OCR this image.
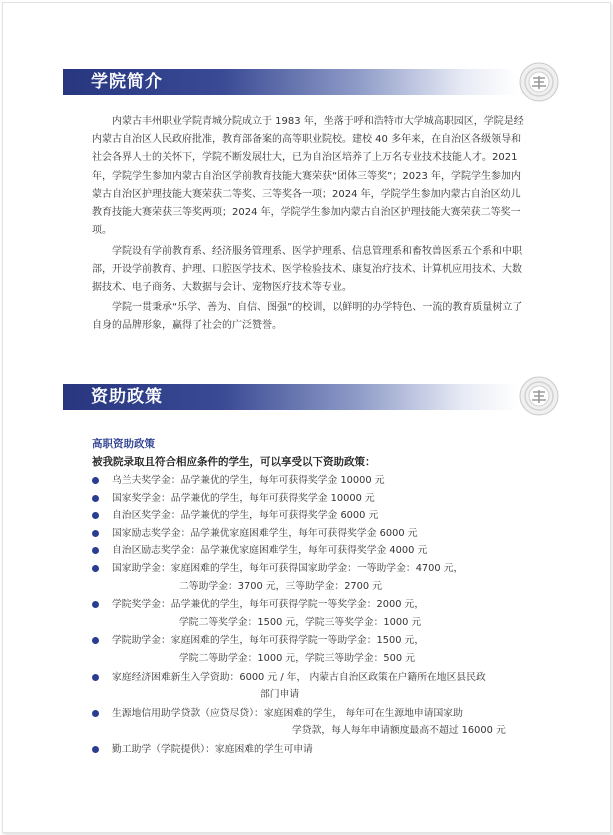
学院简介

内蒙古丰州职业学院青城分院成立于 1983 年，坐落于呼和浩特市大学城高职园区，学院是经内蒙古自治区人民政府批准，教育部备案的高等职业院校。建校 40 多年来，在自治区各级领导和社会各界人士的关怀下，学院不断发展壮大，已为自治区培养了上万名专业技术技能人才。2021 年，学院学生参加内蒙古自治区学前教育技能大赛荣获“团体三等奖”；2023 年，学院学生参加内蒙古自治区护理技能大赛荣获二等奖、三等奖各一项；2024 年，学院学生参加内蒙古自治区幼儿教育技能大赛荣获三等奖两项；2024 年，学院学生参加内蒙古自治区护理技能大赛荣获二等奖一项。

学院设有学前教育系、经济服务管理系、医学护理系、信息管理系和畜牧兽医系五个系和中职部，开设学前教育、护理、口腔医学技术、医学检验技术、康复治疗技术、计算机应用技术、大数据技术、电子商务、大数据与会计、宠物医疗技术等专业。

学院一贯秉承“乐学、善为、自信、图强”的校训，以鲜明的办学特色、一流的教育质量树立了自身的品牌形象，赢得了社会的广泛赞誉。

资助政策
高职资助政策
被我院录取且符合相应条件的学生，可以享受以下资助政策：
乌兰夫奖学金：品学兼优的学生，每年可获得奖学金 10000 元
国家奖学金：品学兼优的学生，每年可获得奖学金 10000 元
自治区奖学金：品学兼优的学生，每年可获得奖学金 6000 元
国家励志奖学金：品学兼优家庭困难学生，每年可获得奖学金 6000 元
自治区励志奖学金：品学兼优家庭困难学生，每年可获得奖学金 4000 元
国家助学金：家庭困难的学生，每年可获得国家助学金：一等助学金：4700 元，
二等助学金：3700 元，三等助学金：2700 元
学院奖学金：品学兼优的学生，每年可获得学院一等奖学金：2000 元，
学院二等奖学金：1500 元，学院三等奖学金：1000 元
学院助学金：家庭困难的学生，每年可获得学院一等助学金：1500 元，
学院二等助学金：1000 元，学院三等助学金：500 元
家庭经济困难新生入学资助：6000 元 / 年， 内蒙古自治区政策在户籍所在地区县民政
部门申请
生源地信用助学贷款（应贷尽贷）：家庭困难的学生， 每年可在生源地申请国家助
学贷款，每人每年申请额度最高不超过 16000 元
勤工助学（学院提供）：家庭困难的学生可申请
